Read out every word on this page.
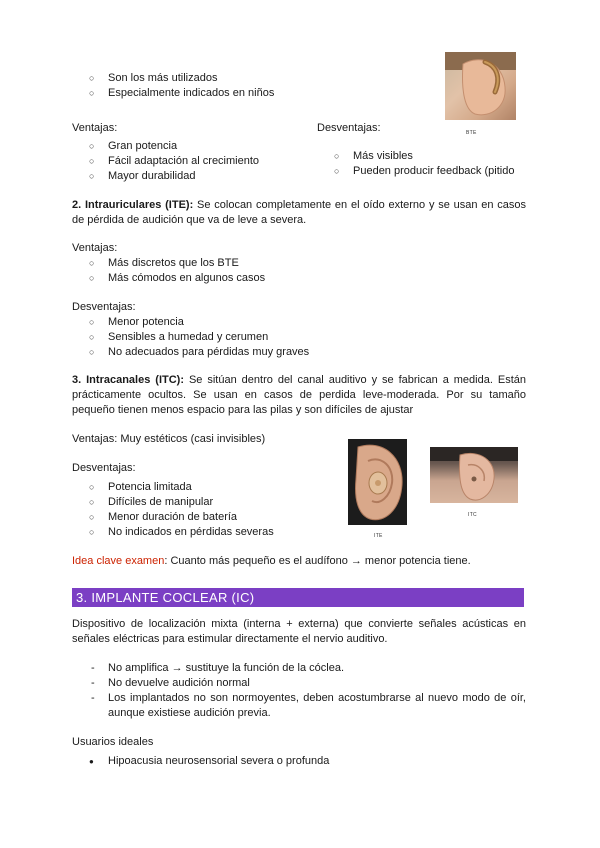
○ Son los más utilizados
○ Especialmente indicados en niños
BTE
Ventajas:
○ Gran potencia
○ Fácil adaptación al crecimiento
○ Mayor durabilidad
Desventajas:
○ Más visibles
○ Pueden producir feedback (pitido
2. Intrauriculares (ITE): Se colocan completamente en el oído externo y se usan en casos de pérdida de audición que va de leve a severa.
Ventajas:
○ Más discretos que los BTE
○ Más cómodos en algunos casos
Desventajas:
○ Menor potencia
○ Sensibles a humedad y cerumen
○ No adecuados para pérdidas muy graves
3. Intracanales (ITC): Se sitúan dentro del canal auditivo y se fabrican a medida. Están prácticamente ocultos. Se usan en casos de perdida leve-moderada. Por su tamaño pequeño tienen menos espacio para las pilas y son difíciles de ajustar
Ventajas: Muy estéticos (casi invisibles)
Desventajas:
○ Potencia limitada
○ Difíciles de manipular
○ Menor duración de batería
○ No indicados en pérdidas severas	ITE
ITC
Idea clave examen: Cuanto más pequeño es el audífono → menor potencia tiene.
3. IMPLANTE COCLEAR (IC)
Dispositivo de localización mixta (interna + externa) que convierte señales acústicas en señales eléctricas para estimular directamente el nervio auditivo.
- No amplifica → sustituye la función de la cóclea.
- No devuelve audición normal
- Los implantados no son normoyentes, deben acostumbrarse al nuevo modo de oír, aunque existiese audición previa.
Usuarios ideales
● Hipoacusia neurosensorial severa o profunda
